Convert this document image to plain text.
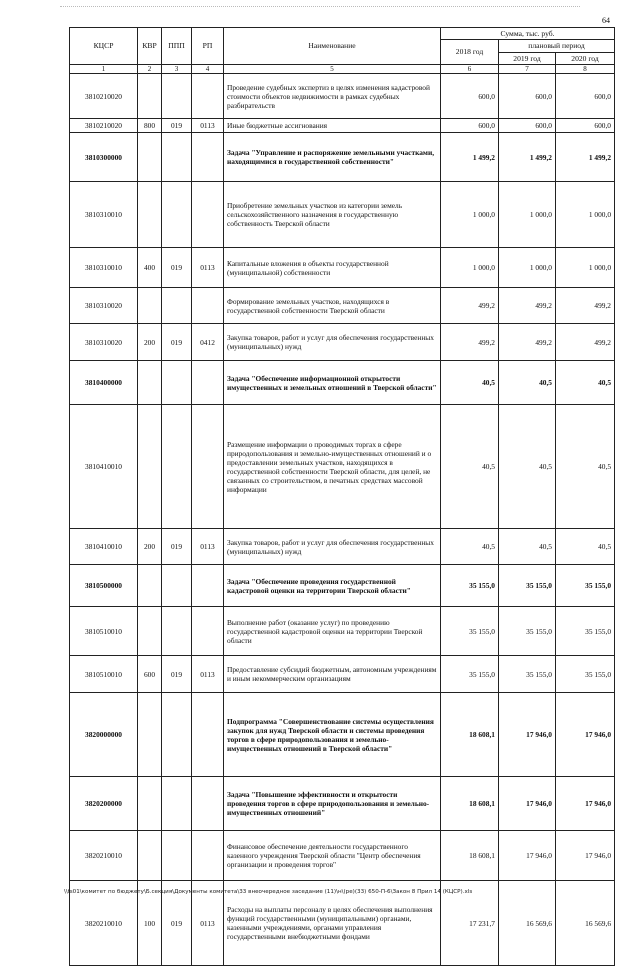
64
КЦСР	КВР	ППП	РП	Наименование	Сумма, тыс. руб.		
					2018 год	плановый период	
						2019 год	2020 год
1	2	3	4	5	6	7	8
3810210020				Проведение судебных экспертиз в целях изменения кадастровой стоимости объектов недвижимости в рамках судебных разбирательств	600,0	600,0	600,0
3810210020	800	019	0113	Иные бюджетные ассигнования	600,0	600,0	600,0
3810300000				Задача "Управление и распоряжение земельными участками, находящимися в государственной собственности"	1 499,2	1 499,2	1 499,2
3810310010				Приобретение земельных участков из категории земель сельскохозяйственного назначения в государственную собственность Тверской области	1 000,0	1 000,0	1 000,0
3810310010	400	019	0113	Капитальные вложения в объекты государственной (муниципальной) собственности	1 000,0	1 000,0	1 000,0
3810310020				Формирование земельных участков, находящихся в государственной собственности Тверской области	499,2	499,2	499,2
3810310020	200	019	0412	Закупка товаров, работ и услуг для обеспечения государственных (муниципальных) нужд	499,2	499,2	499,2
3810400000				Задача "Обеспечение информационной открытости имущественных и земельных отношений в Тверской области"	40,5	40,5	40,5
3810410010				Размещение информации о проводимых торгах в сфере природопользования и земельно-имущественных отношений и о предоставлении земельных участков, находящихся в государственной собственности Тверской области, для целей, не связанных со строительством, в печатных средствах массовой информации	40,5	40,5	40,5
3810410010	200	019	0113	Закупка товаров, работ и услуг для обеспечения государственных (муниципальных) нужд	40,5	40,5	40,5
3810500000				Задача "Обеспечение проведения государственной кадастровой оценки на территории Тверской области"	35 155,0	35 155,0	35 155,0
3810510010				Выполнение работ (оказание услуг) по проведению государственной кадастровой оценки на территории Тверской области	35 155,0	35 155,0	35 155,0
3810510010	600	019	0113	Предоставление субсидий бюджетным, автономным учреждениям и иным некоммерческим организациям	35 155,0	35 155,0	35 155,0
3820000000				Подпрограмма "Совершенствование системы осуществления закупок для нужд Тверской области и системы проведения торгов в сфере природопользования и земельно-имущественных отношений в Тверской области"	18 608,1	17 946,0	17 946,0
3820200000				Задача "Повышение эффективности и открытости проведения торгов в сфере природопользования и земельно-имущественных отношений"	18 608,1	17 946,0	17 946,0
3820210010				Финансовое обеспечение деятельности государственного казенного учреждения Тверской области "Центр обеспечения организации и проведения торгов"	18 608,1	17 946,0	17 946,0
3820210010	100	019	0113	Расходы на выплаты персоналу в целях обеспечения выполнения функций государственными (муниципальными) органами, казенными учреждениями, органами управления государственными внебюджетными фондами	17 231,7	16 569,6	16 569,6
\\fs01\комитет по бюджету\Б.секция\Документы комитета\33 внеочередное заседание (11)\н\(ре)(33) 650-П-6\Закон 8 Прил 14 (КЦСР).xls
